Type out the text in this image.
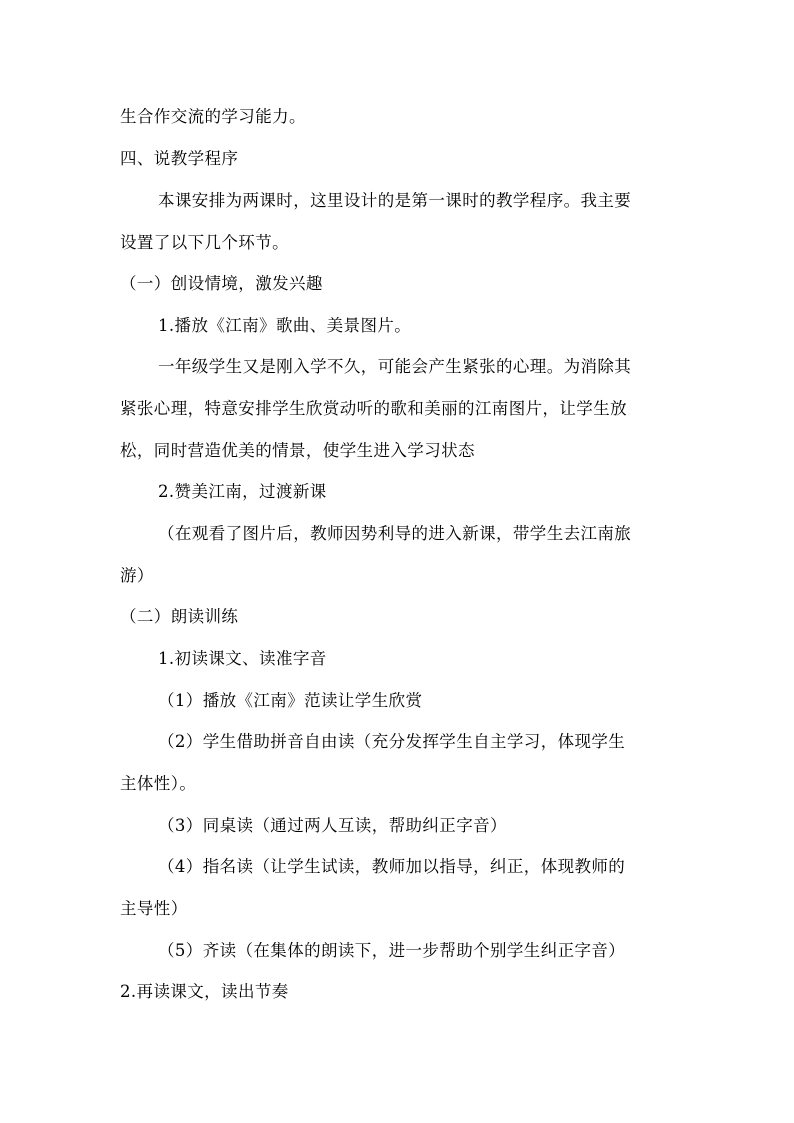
生合作交流的学习能力。
四、说教学程序
本课安排为两课时，这里设计的是第一课时的教学程序。我主要
设置了以下几个环节。
（一）创设情境，激发兴趣
1.播放《江南》歌曲、美景图片。
一年级学生又是刚入学不久，可能会产生紧张的心理。为消除其
紧张心理，特意安排学生欣赏动听的歌和美丽的江南图片，让学生放
松，同时营造优美的情景，使学生进入学习状态
2.赞美江南，过渡新课
（在观看了图片后，教师因势利导的进入新课，带学生去江南旅
游）
（二）朗读训练
1.初读课文、读准字音
（1）播放《江南》范读让学生欣赏
（2）学生借助拼音自由读（充分发挥学生自主学习，体现学生
主体性）。
（3）同桌读（通过两人互读，帮助纠正字音）
（4）指名读（让学生试读，教师加以指导，纠正，体现教师的
主导性）
（5）齐读（在集体的朗读下，进一步帮助个别学生纠正字音）
2.再读课文，读出节奏
